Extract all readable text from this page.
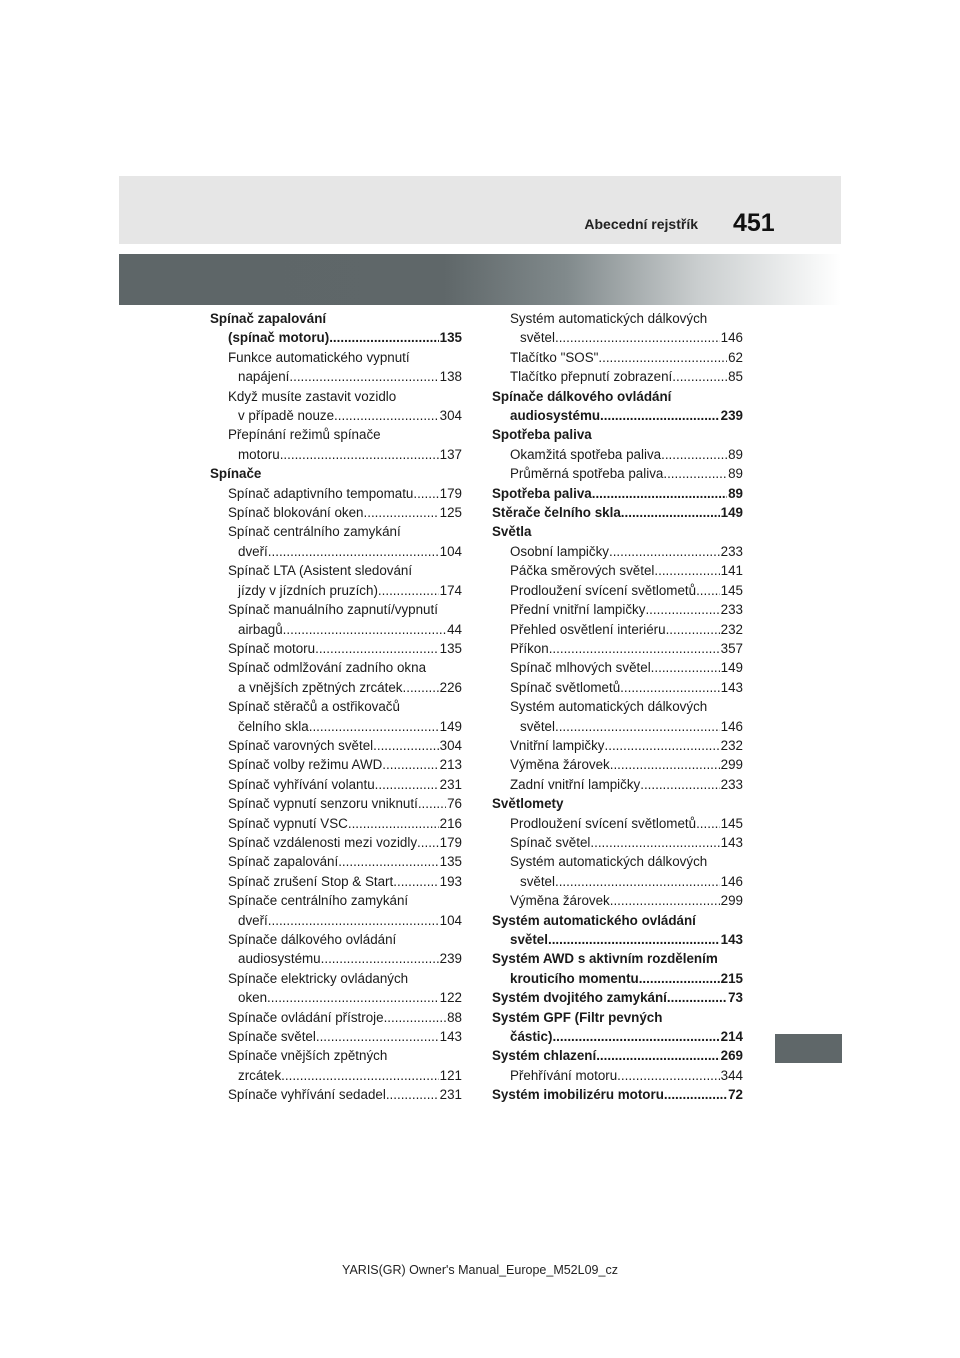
Abecední rejstřík 451
Spínač zapalování
(spínač motoru) .....	135
Funkce automatického vypnutí
napájení .....	138
Když musíte zastavit vozidlo
v případě nouze .....	304
Přepínání režimů spínače
motoru .....	137
Spínače
Spínač adaptivního tempomatu ..... 179
Spínač blokování oken .....	125
Spínač centrálního zamykání
dveří .....	104
Spínač LTA (Asistent sledování
jízdy v jízdních pruzích) .....	174
Spínač manuálního zapnutí/vypnutí
airbagů .....	44
Spínač motoru .....	135
Spínač odmlžování zadního okna
a vnějších zpětných zrcátek .....	226
Spínač stěračů a ostřikovačů
čelního skla .....	149
Spínač varovných světel .....	304
Spínač volby režimu AWD .....	213
Spínač vyhřívání volantu .....	231
Spínač vypnutí senzoru vniknutí ..... 76
Spínač vypnutí VSC .....	216
Spínač vzdálenosti mezi vozidly ..... 179
Spínač zapalování .....	135
Spínač zrušení Stop & Start .....	193
Spínače centrálního zamykání
dveří .....	104
Spínače dálkového ovládání
audiosystému .....	239
Spínače elektricky ovládaných
oken .....	122
Spínače ovládání přístroje .....	88
Spínače světel .....	143
Spínače vnějších zpětných
zrcátek .....	121
Spínače vyhřívání sedadel .....	231
Systém automatických dálkových
světel .....	146
Tlačítko "SOS" .....	62
Tlačítko přepnutí zobrazení .....	85
Spínače dálkového ovládání
audiosystému .....	239
Spotřeba paliva
Okamžitá spotřeba paliva .....	89
Průměrná spotřeba paliva .....	89
Spotřeba paliva .....	89
Stěrače čelního skla .....	149
Světla
Osobní lampičky .....	233
Páčka směrových světel .....	141
Prodloužení svícení světlometů ..... 145
Přední vnitřní lampičky .....	233
Přehled osvětlení interiéru .....	232
Příkon .....	357
Spínač mlhových světel .....	149
Spínač světlometů .....	143
Systém automatických dálkových
světel .....	146
Vnitřní lampičky .....	232
Výměna žárovek .....	299
Zadní vnitřní lampičky .....	233
Světlomety
Prodloužení svícení světlometů ..... 145
Spínač světel .....	143
Systém automatických dálkových
světel .....	146
Výměna žárovek .....	299
Systém automatického ovládání
světel .....	143
Systém AWD s aktivním rozdělením
krouticího momentu .....	215
Systém dvojitého zamykání .....	73
Systém GPF (Filtr pevných
částic) .....	214
Systém chlazení .....	269
Přehřívání motoru .....	344
Systém imobilizéru motoru .....	72
YARIS(GR) Owner's Manual_Europe_M52L09_cz
